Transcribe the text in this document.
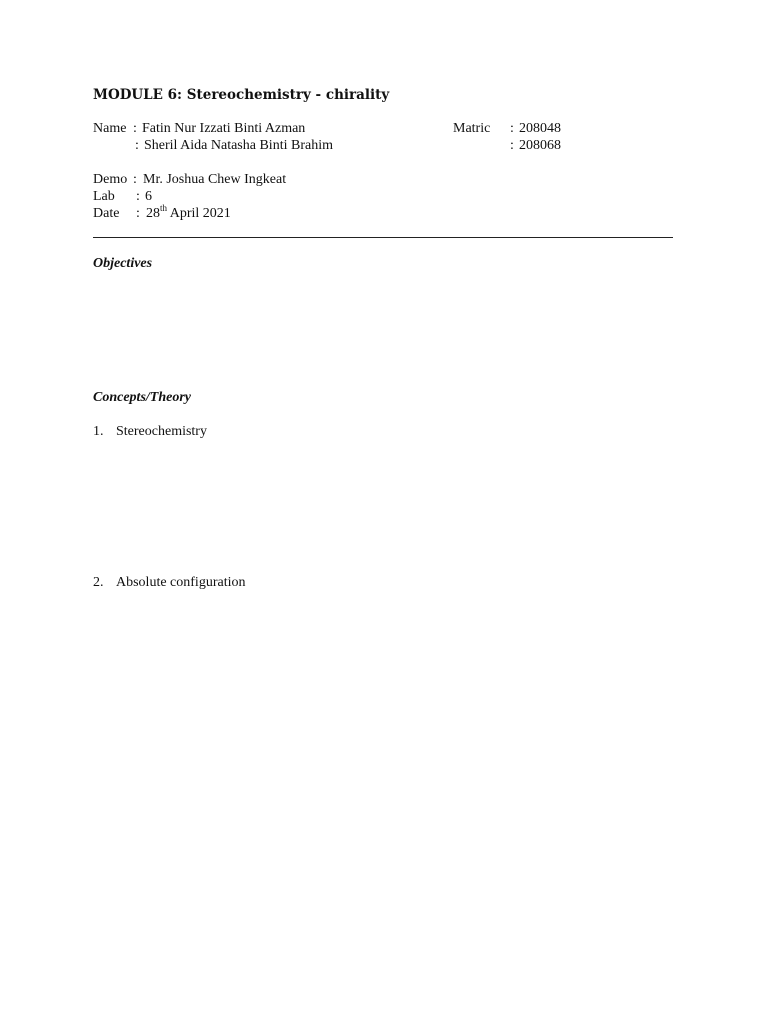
MODULE 6: Stereochemistry - chirality
Name : Fatin Nur Izzati Binti Azman	Matric : 208048
: Sheril Aida Natasha Binti Brahim	: 208068
Demo : Mr. Joshua Chew Ingkeat
Lab : 6
Date : 28th April 2021
Objectives
Concepts/Theory
1. Stereochemistry
2. Absolute configuration
